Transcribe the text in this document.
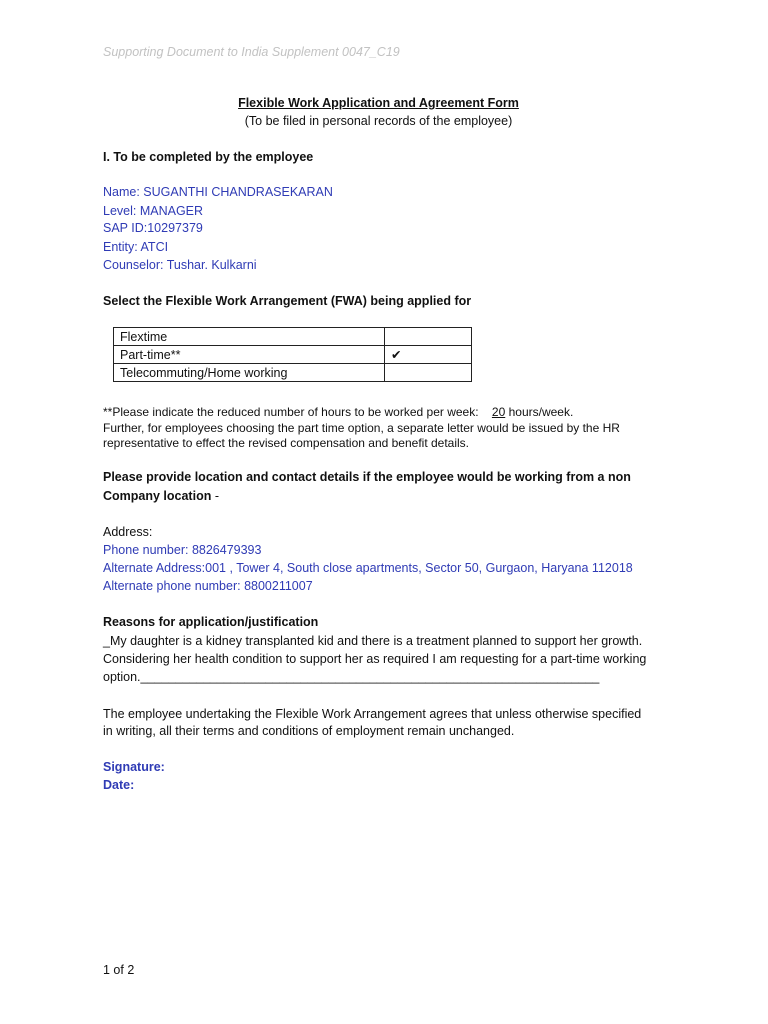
Supporting Document to India Supplement 0047_C19
Flexible Work Application and Agreement Form
(To be filed in personal records of the employee)
I. To be completed by the employee
Name: SUGANTHI CHANDRASEKARAN
Level: MANAGER
SAP ID:10297379
Entity: ATCI
Counselor: Tushar. Kulkarni
Select the Flexible Work Arrangement (FWA) being applied for
Flextime	
Part-time**	✔
Telecommuting/Home working	
**Please indicate the reduced number of hours to be worked per week: 20 hours/week.
Further, for employees choosing the part time option, a separate letter would be issued by the HR
representative to effect the revised compensation and benefit details.
Please provide location and contact details if the employee would be working from a non
Company location -
Address:
Phone number: 8826479393
Alternate Address:001 , Tower 4, South close apartments, Sector 50, Gurgaon, Haryana 112018
Alternate phone number: 8800211007
Reasons for application/justification
_My daughter is a kidney transplanted kid and there is a treatment planned to support her growth.
Considering her health condition to support her as required I am requesting for a part-time working
option.__________________________________________________________________
The employee undertaking the Flexible Work Arrangement agrees that unless otherwise specified
in writing, all their terms and conditions of employment remain unchanged.
Signature:
Date:
1 of 2
